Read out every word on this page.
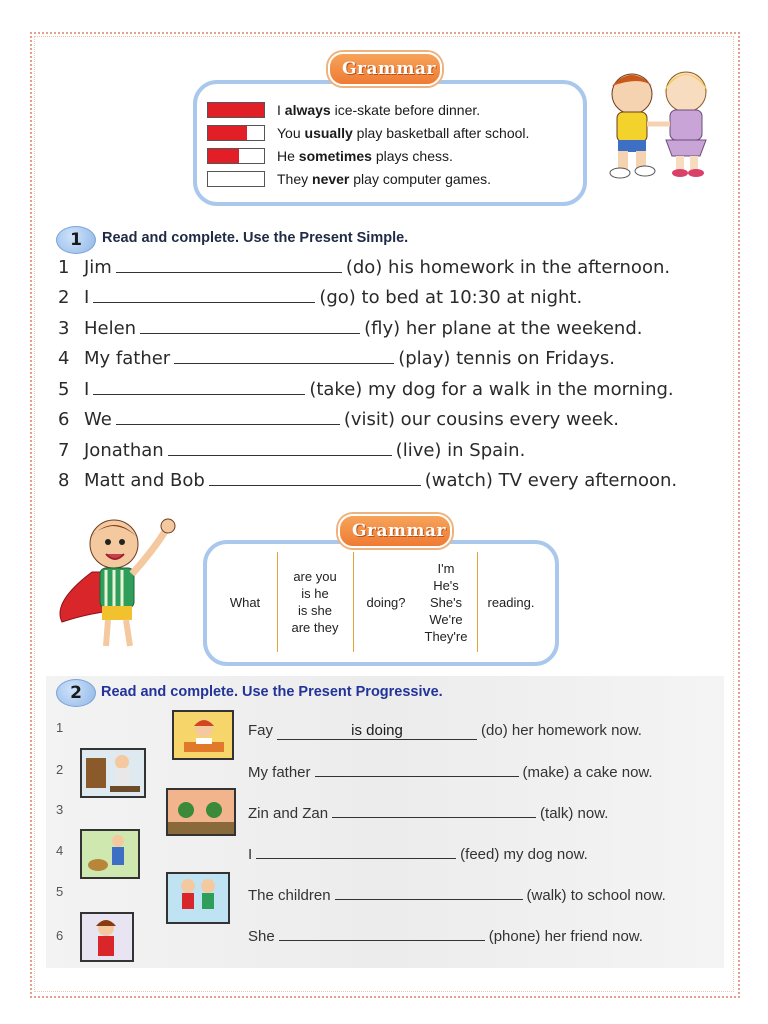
I always ice-skate before dinner.
You usually play basketball after school.
He sometimes plays chess.
They never play computer games.
Grammar
1	Read and complete. Use the Present Simple.
1 Jim	(do) his homework in the afternoon.
2 I	(go) to bed at 10:30 at night.
3 Helen	(fly) her plane at the weekend.
4 My father	(play) tennis on Fridays.
5 I	(take) my dog for a walk in the morning.
6 We	(visit) our cousins every week.
7 Jonathan	(live) in Spain.
8 Matt and Bob	(watch) TV every afternoon.
What
are you
is he
is she
are they
doing?
I'm
He's
She's
We're
They're
reading.
Grammar
2	Read and complete. Use the Present Progressive.
1
2
3
4
5
6
Fay	is doing	(do) her homework now.
My father	(make) a cake now.
Zin and Zan	(talk) now.
I	(feed) my dog now.
The children	(walk) to school now.
She	(phone) her friend now.
